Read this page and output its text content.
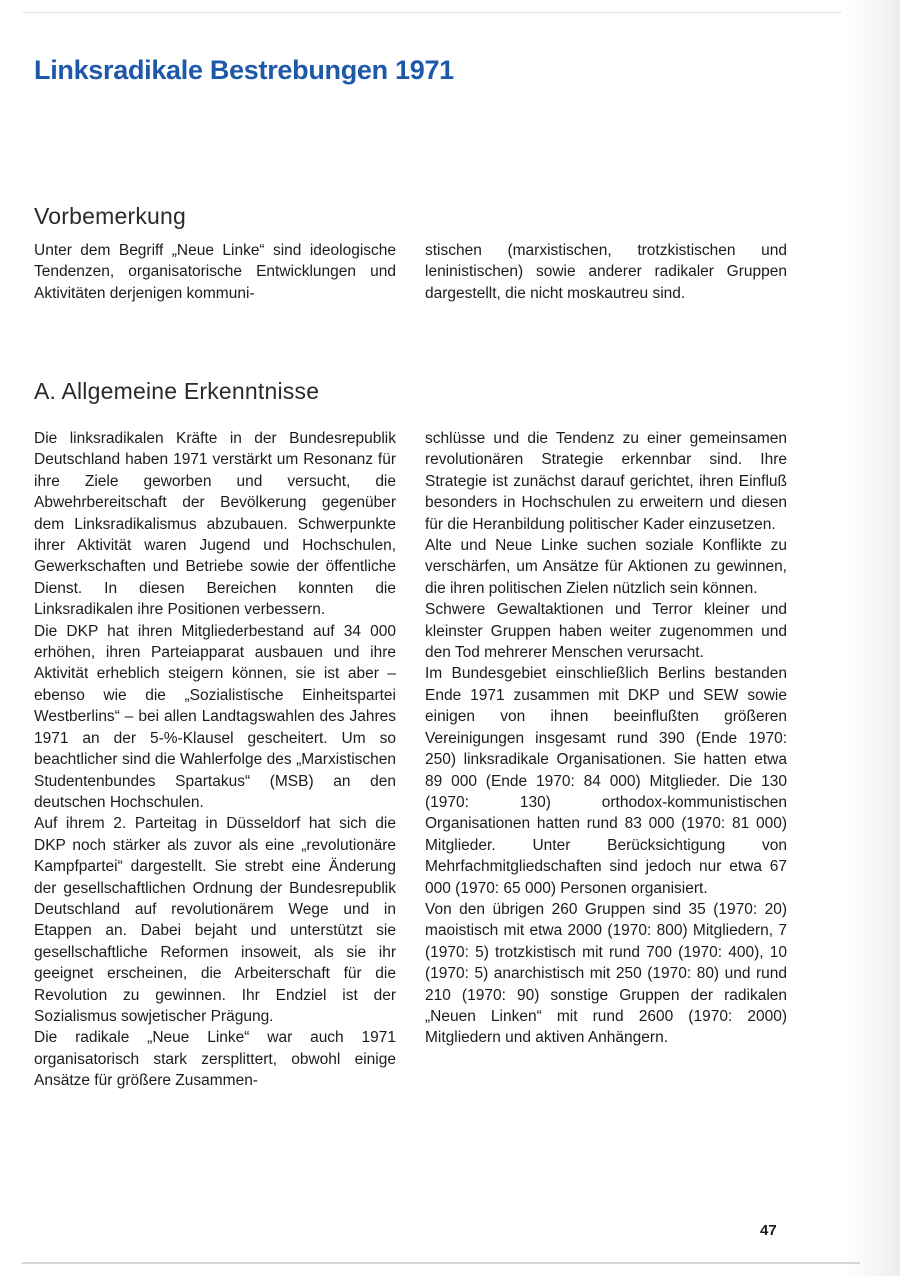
Linksradikale Bestrebungen 1971
Vorbemerkung

Unter dem Begriff „Neue Linke“ sind ideologische Tendenzen, organisatorische Entwicklungen und Aktivitäten derjenigen kommuni-

stischen (marxistischen, trotzkistischen und leninistischen) sowie anderer radikaler Gruppen dargestellt, die nicht moskautreu sind.

A. Allgemeine Erkenntnisse

Die linksradikalen Kräfte in der Bundesrepublik Deutschland haben 1971 verstärkt um Resonanz für ihre Ziele geworben und versucht, die Abwehrbereitschaft der Bevölkerung gegenüber dem Linksradikalismus abzubauen. Schwerpunkte ihrer Aktivität waren Jugend und Hochschulen, Gewerkschaften und Betriebe sowie der öffentliche Dienst. In diesen Bereichen konnten die Linksradikalen ihre Positionen verbessern.

Die DKP hat ihren Mitgliederbestand auf 34 000 erhöhen, ihren Parteiapparat ausbauen und ihre Aktivität erheblich steigern können, sie ist aber – ebenso wie die „Sozialistische Einheitspartei Westberlins“ – bei allen Landtagswahlen des Jahres 1971 an der 5-%-Klausel gescheitert. Um so beachtlicher sind die Wahlerfolge des „Marxistischen Studentenbundes Spartakus“ (MSB) an den deutschen Hochschulen.

Auf ihrem 2. Parteitag in Düsseldorf hat sich die DKP noch stärker als zuvor als eine „revolutionäre Kampfpartei“ dargestellt. Sie strebt eine Änderung der gesellschaftlichen Ordnung der Bundesrepublik Deutschland auf revolutionärem Wege und in Etappen an. Dabei bejaht und unterstützt sie gesellschaftliche Reformen insoweit, als sie ihr geeignet erscheinen, die Arbeiterschaft für die Revolution zu gewinnen. Ihr Endziel ist der Sozialismus sowjetischer Prägung.

Die radikale „Neue Linke“ war auch 1971 organisatorisch stark zersplittert, obwohl einige Ansätze für größere Zusammen-

schlüsse und die Tendenz zu einer gemeinsamen revolutionären Strategie erkennbar sind. Ihre Strategie ist zunächst darauf gerichtet, ihren Einfluß besonders in Hochschulen zu erweitern und diesen für die Heranbildung politischer Kader einzusetzen.

Alte und Neue Linke suchen soziale Konflikte zu verschärfen, um Ansätze für Aktionen zu gewinnen, die ihren politischen Zielen nützlich sein können.

Schwere Gewaltaktionen und Terror kleiner und kleinster Gruppen haben weiter zugenommen und den Tod mehrerer Menschen verursacht.

Im Bundesgebiet einschließlich Berlins bestanden Ende 1971 zusammen mit DKP und SEW sowie einigen von ihnen beeinflußten größeren Vereinigungen insgesamt rund 390 (Ende 1970: 250) linksradikale Organisationen. Sie hatten etwa 89 000 (Ende 1970: 84 000) Mitglieder. Die 130 (1970: 130) orthodox-kommunistischen Organisationen hatten rund 83 000 (1970: 81 000) Mitglieder. Unter Berücksichtigung von Mehrfachmitgliedschaften sind jedoch nur etwa 67 000 (1970: 65 000) Personen organisiert.

Von den übrigen 260 Gruppen sind 35 (1970: 20) maoistisch mit etwa 2000 (1970: 800) Mitgliedern, 7 (1970: 5) trotzkistisch mit rund 700 (1970: 400), 10 (1970: 5) anarchistisch mit 250 (1970: 80) und rund 210 (1970: 90) sonstige Gruppen der radikalen „Neuen Linken“ mit rund 2600 (1970: 2000) Mitgliedern und aktiven Anhängern.

47
